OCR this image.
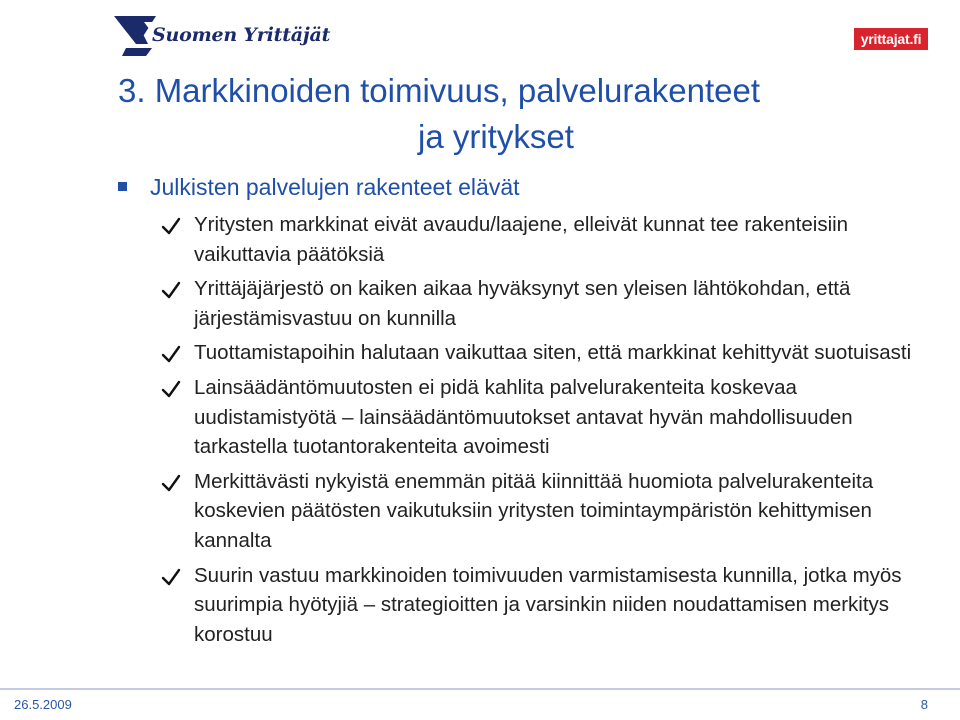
Suomen Yrittäjät	yrittajat.fi
3. Markkinoiden toimivuus, palvelurakenteet
ja yritykset
Julkisten palvelujen rakenteet elävät
Yritysten markkinat eivät avaudu/laajene, elleivät kunnat tee rakenteisiin vaikuttavia päätöksiä
Yrittäjäjärjestö on kaiken aikaa hyväksynyt sen yleisen lähtökohdan, että järjestämisvastuu on kunnilla
Tuottamistapoihin halutaan vaikuttaa siten, että markkinat kehittyvät suotuisasti
Lainsäädäntömuutosten ei pidä kahlita palvelurakenteita koskevaa uudistamistyötä – lainsäädäntömuutokset antavat hyvän mahdollisuuden tarkastella tuotantorakenteita avoimesti
Merkittävästi nykyistä enemmän pitää kiinnittää huomiota palvelurakenteita koskevien päätösten vaikutuksiin yritysten toimintaympäristön kehittymisen kannalta
Suurin vastuu markkinoiden toimivuuden varmistamisesta kunnilla, jotka myös suurimpia hyötyjiä – strategioitten ja varsinkin niiden noudattamisen merkitys korostuu
26.5.2009	8
